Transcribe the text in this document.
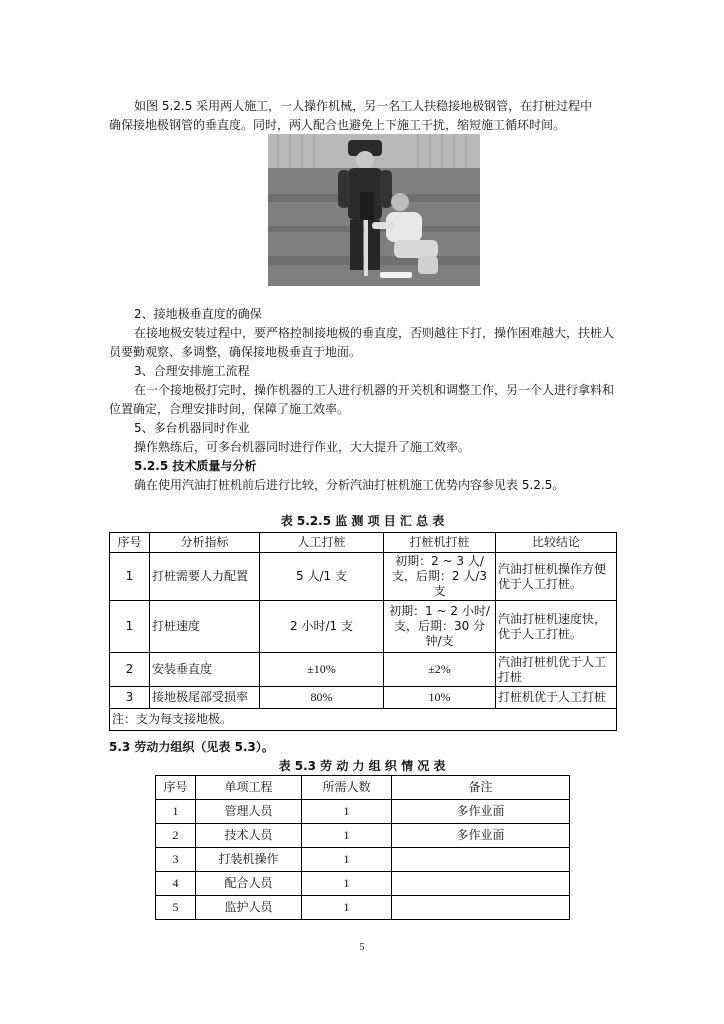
如图 5.2.5 采用两人施工，一人操作机械，另一名工人扶稳接地极钢管，在打桩过程中

确保接地极钢管的垂直度。同时，两人配合也避免上下施工干扰，缩短施工循环时间。

2、接地极垂直度的确保

在接地极安装过程中，要严格控制接地极的垂直度，否则越往下打，操作困难越大，扶桩人员要勤观察、多调整，确保接地极垂直于地面。

3、合理安排施工流程

在一个接地极打完时，操作机器的工人进行机器的开关机和调整工作，另一个人进行拿料和位置确定，合理安排时间，保障了施工效率。

5、多台机器同时作业

操作熟练后，可多台机器同时进行作业，大大提升了施工效率。

5.2.5 技术质量与分析

确在使用汽油打桩机前后进行比较，分析汽油打桩机施工优势内容参见表 5.2.5。

表 5.2.5 监 测 项 目 汇 总 表
序号	分析指标	人工打桩	打桩机打桩	比较结论
1	打桩需要人力配置	5 人/1 支	初期：2 ~ 3 人/支，后期：2 人/3 支	汽油打桩机操作方便优于人工打桩。
1	打桩速度	2 小时/1 支	初期：1 ~ 2 小时/支，后期：30 分钟/支	汽油打桩机速度快，优于人工打桩。
2	安装垂直度	±10%	±2%	汽油打桩机优于人工打桩
3	接地极尾部受损率	80%	10%	打桩机优于人工打桩
注：支为每支接地极。				

5.3 劳动力组织（见表 5.3）。

表 5.3 劳 动 力 组 织 情 况 表
序号	单项工程	所需人数	备注
1	管理人员	1	多作业面
2	技术人员	1	多作业面
3	打装机操作	1	
4	配合人员	1	
5	监护人员	1	
5
